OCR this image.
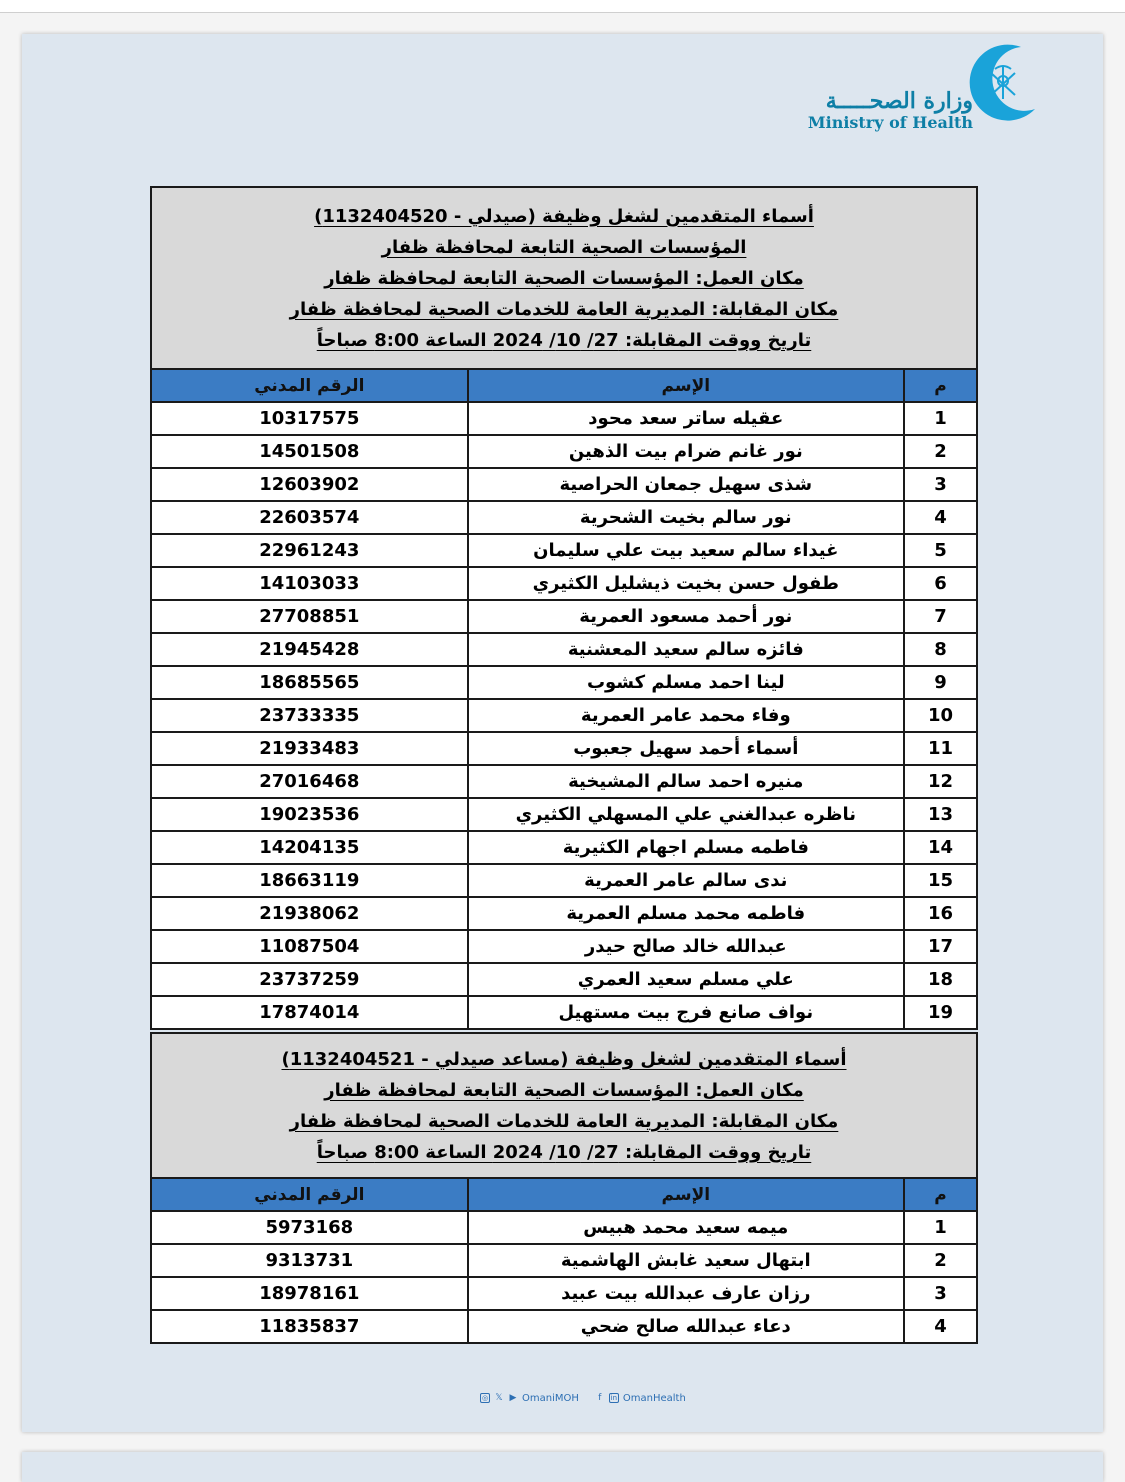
وزارة الصحـــــة
Ministry of Health
أسماء المتقدمين لشغل وظيفة (صيدلي - 1132404520)
المؤسسات الصحية التابعة لمحافظة ظفار
مكان العمل: المؤسسات الصحية التابعة لمحافظة ظفار
مكان المقابلة: المديرية العامة للخدمات الصحية لمحافظة ظفار
تاريخ ووقت المقابلة: 27/ 10/ 2024 الساعة 8:00 صباحاً		

م	الإسم	الرقم المدني
1	عقيله ساتر سعد محود	10317575
2	نور غانم ضرام بيت الذهين	14501508
3	شذى سهيل جمعان الحراصية	12603902
4	نور سالم بخيت الشحرية	22603574
5	غيداء سالم سعيد بيت علي سليمان	22961243
6	طفول حسن بخيت ذيشليل الكثيري	14103033
7	نور أحمد مسعود العمرية	27708851
8	فائزه سالم سعيد المعشنية	21945428
9	لينا احمد مسلم كشوب	18685565
10	وفاء محمد عامر العمرية	23733335
11	أسماء أحمد سهيل جعبوب	21933483
12	منيره احمد سالم المشيخية	27016468
13	ناظره عبدالغني علي المسهلي الكثيري	19023536
14	فاطمه مسلم اجهام الكثيرية	14204135
15	ندى سالم عامر العمرية	18663119
16	فاطمه محمد مسلم العمرية	21938062
17	عبدالله خالد صالح حيدر	11087504
18	علي مسلم سعيد العمري	23737259
19	نواف صانع فرج بيت مستهيل	17874014
أسماء المتقدمين لشغل وظيفة (مساعد صيدلي - 1132404521)
مكان العمل: المؤسسات الصحية التابعة لمحافظة ظفار
مكان المقابلة: المديرية العامة للخدمات الصحية لمحافظة ظفار
تاريخ ووقت المقابلة: 27/ 10/ 2024 الساعة 8:00 صباحاً		

م	الإسم	الرقم المدني
1	ميمه سعيد محمد هبيس	5973168
2	ابتهال سعيد غابش الهاشمية	9313731
3	رزان عارف عبدالله بيت عبيد	18978161
4	دعاء عبدالله صالح ضحي	11835837
◎ 𝕏 ▶ OmaniMOH	f	in OmanHealth
